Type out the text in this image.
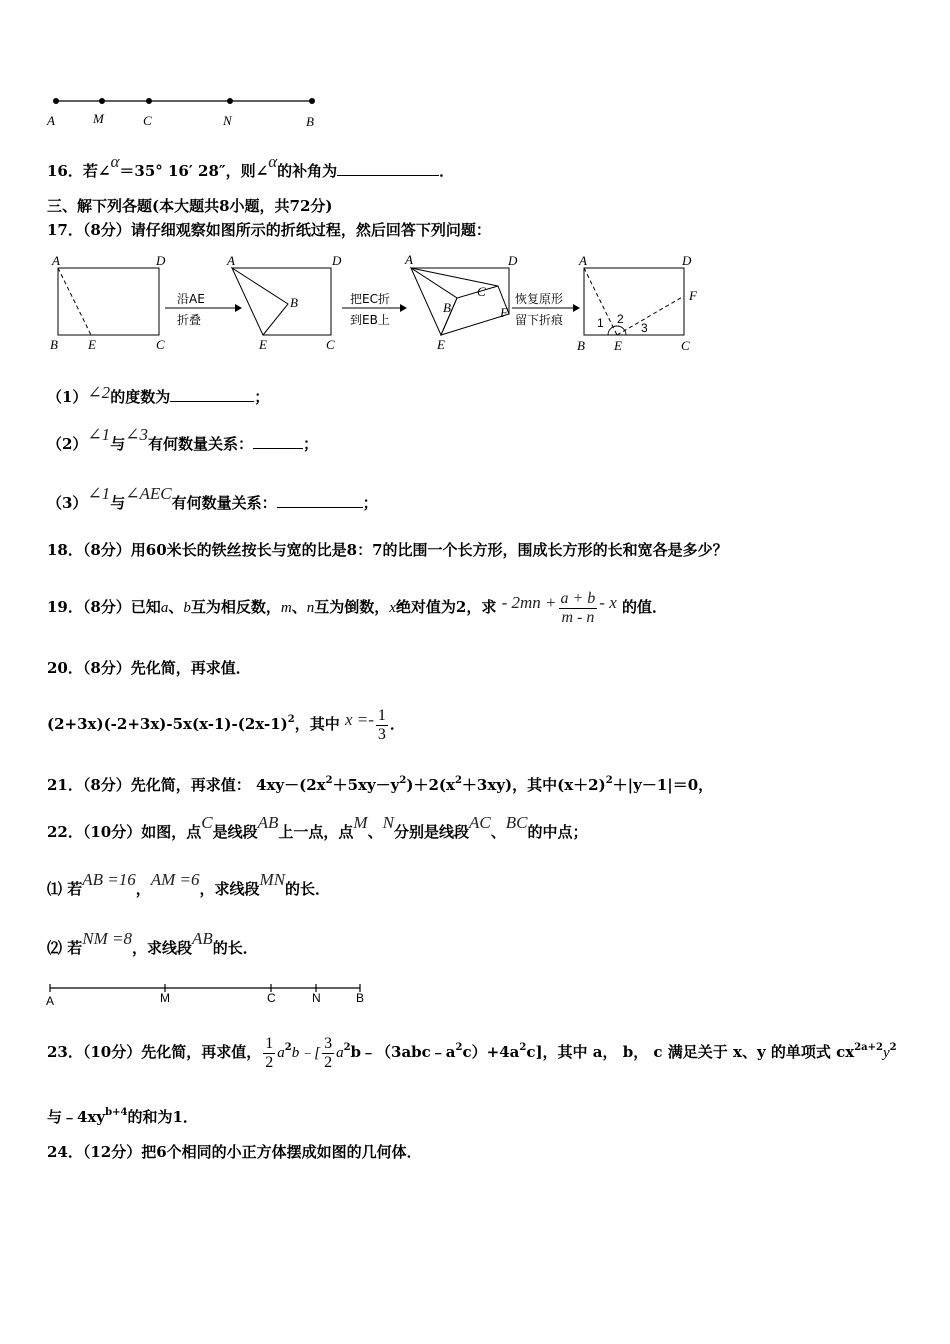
A	M	C	N	B
16．若∠α＝35° 16′ 28″，则∠α的补角为	．
三、解下列各题(本大题共8小题，共72分)
17．（8分）请仔细观察如图所示的折纸过程，然后回答下列问题：
A	D
B E	C
沿AE
折叠
A	D
B
E	C
把EC折
到EB上
A	D
B
C
F
E
恢复原形
留下折痕
A	D
F
1 2
3
B E	C
（1）∠2的度数为	；
（2）∠1与∠3有何数量关系：	；
（3）∠1与∠AEC有何数量关系：	；
18．（8分）用60米长的铁丝按长与宽的比是8：7的比围一个长方形，围成长方形的长和宽各是多少？
19．（8分）已知a、b互为相反数，m、n互为倒数，x绝对值为2，求 - $2mn + \frac{a + b}{m - n} - x$ 的值．
20．（8分）先化简，再求值．
$(2+3x)(-2+3x)-5x(x-1)-(2x-1)^2$，其中 $x =- \frac{1}{3}$ ．
21．（8分）先化简，再求值： $4xy-(2x^2+5xy-y^2)+2(x^2+3xy)$，其中$(x+2)^2+|y-1|=0$，
22．（10分）如图，点C是线段AB上一点，点M、N分别是线段AC、BC的中点；
⑴ 若AB =16，AM =6，求线段MN的长．
⑵ 若NM =8，求线段AB的长．
A	M	C	N	B
23．（10分）先化简，再求值， $\frac{1}{2}$ $a^2b﹣[ \frac{3}{2}$ $a^2b﹣(3abc﹣a^2c)+4a^2c$]，其中 a， b， c 满足关于 x、y 的单项式 $cx^{2a+2}y^2$
与$﹣4xy^{b+4}$的和为1．
24．（12分）把6个相同的小正方体摆成如图的几何体．
